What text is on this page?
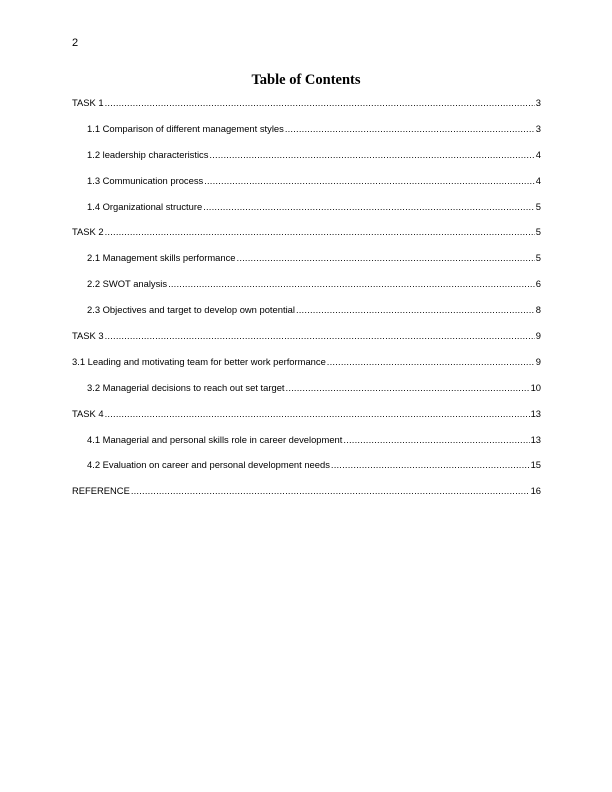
2
Table of Contents
TASK 1 .....	3
1.1 Comparison of different management styles .....	3
1.2 leadership characteristics .....	4
1.3 Communication process .....	4
1.4 Organizational structure .....	5
TASK 2 .....	5
2.1 Management skills performance .....	5
2.2 SWOT analysis .....	6
2.3 Objectives and target to develop own potential .....	8
TASK 3 .....	9
3.1 Leading and motivating team for better work performance .....	9
3.2 Managerial decisions to reach out set target .....	10
TASK 4 .....	13
4.1 Managerial and personal skills role in career development .....	13
4.2 Evaluation on career and personal development needs .....	15
REFERENCE .....	16
